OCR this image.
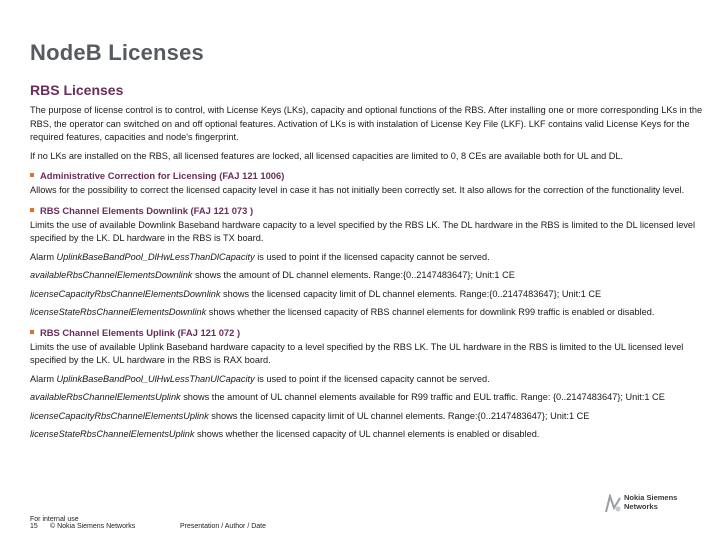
NodeB Licenses
RBS Licenses

The purpose of license control is to control, with License Keys (LKs), capacity and optional functions of the RBS. After installing one or more corresponding LKs in the RBS, the operator can switched on and off optional features. Activation of LKs is with instalation of License Key File (LKF). LKF contains valid License Keys for the required features, capacities and node's fingerprint.

If no LKs are installed on the RBS, all licensed features are locked, all licensed capacities are limited to 0, 8 CEs are available both for UL and DL.

Administrative Correction for Licensing (FAJ 121 1006)

Allows for the possibility to correct the licensed capacity level in case it has not initially been correctly set. It also allows for the correction of the functionality level.

RBS Channel Elements Downlink (FAJ 121 073 )

Limits the use of available Downlink Baseband hardware capacity to a level specified by the RBS LK. The DL hardware in the RBS is limited to the DL licensed level specified by the LK. DL hardware in the RBS is TX board.

Alarm UplinkBaseBandPool_DlHwLessThanDlCapacity is used to point if the licensed capacity cannot be served.

availableRbsChannelElementsDownlink shows the amount of DL channel elements. Range:{0..2147483647}; Unit:1 CE

licenseCapacityRbsChannelElementsDownlink shows the licensed capacity limit of DL channel elements. Range:{0..2147483647}; Unit:1 CE

licenseStateRbsChannelElementsDownlink shows whether the licensed capacity of RBS channel elements for downlink R99 traffic is enabled or disabled.

RBS Channel Elements Uplink (FAJ 121 072 )

Limits the use of available Uplink Baseband hardware capacity to a level specified by the RBS LK. The UL hardware in the RBS is limited to the UL licensed level specified by the LK. UL hardware in the RBS is RAX board.

Alarm UplinkBaseBandPool_UlHwLessThanUlCapacity is used to point if the licensed capacity cannot be served.

availableRbsChannelElementsUplink shows the amount of UL channel elements available for R99 traffic and EUL traffic. Range: {0..2147483647}; Unit:1 CE

licenseCapacityRbsChannelElementsUplink shows the licensed capacity limit of UL channel elements. Range:{0..2147483647}; Unit:1 CE

licenseStateRbsChannelElementsUplink shows whether the licensed capacity of UL channel elements is enabled or disabled.

Nokia Siemens
Networks
For internal use
15	© Nokia Siemens Networks	Presentation / Author / Date
